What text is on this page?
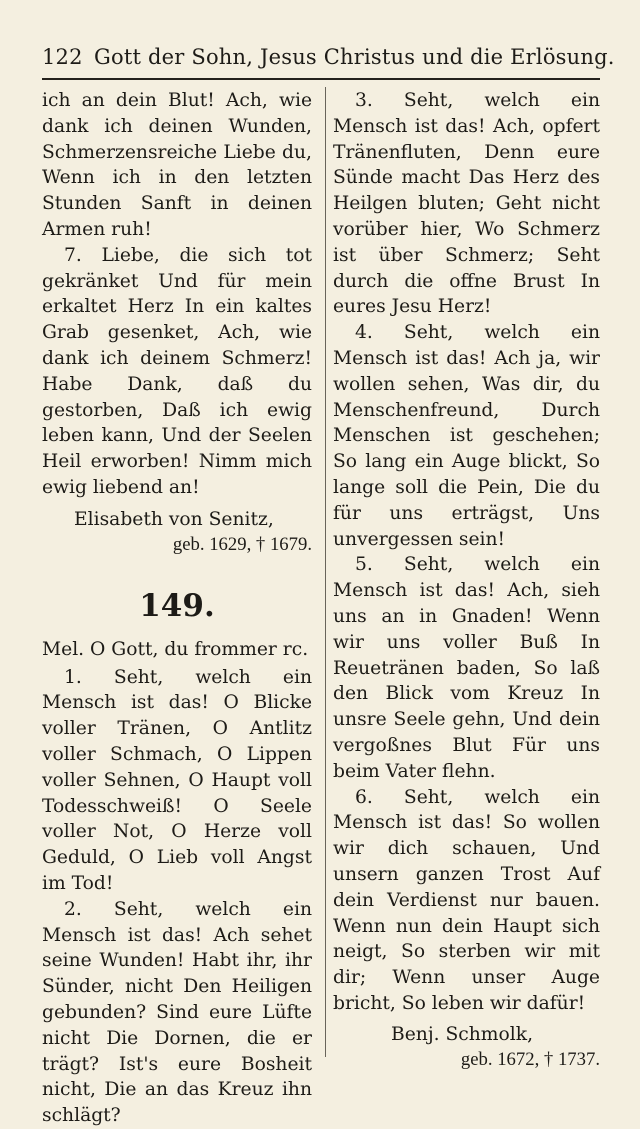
122 Gott der Sohn, Jesus Christus und die Erlösung.

ich an dein Blut! Ach, wie dank ich deinen Wunden, Schmerzensreiche Liebe du, Wenn ich in den letzten Stunden Sanft in deinen Armen ruh!

7. Liebe, die sich tot gekränket Und für mein erkaltet Herz In ein kaltes Grab gesenket, Ach, wie dank ich deinem Schmerz! Habe Dank, daß du gestorben, Daß ich ewig leben kann, Und der Seelen Heil erworben! Nimm mich ewig liebend an!

Elisabeth von Senitz,
geb. 1629, † 1679.
149.

Mel. O Gott, du frommer rc.

1. Seht, welch ein Mensch ist das! O Blicke voller Tränen, O Antlitz voller Schmach, O Lippen voller Sehnen, O Haupt voll Todesschweiß! O Seele voller Not, O Herze voll Geduld, O Lieb voll Angst im Tod!

2. Seht, welch ein Mensch ist das! Ach sehet seine Wunden! Habt ihr, ihr Sünder, nicht Den Heiligen gebunden? Sind eure Lüfte nicht Die Dornen, die er trägt? Ist's eure Bosheit nicht, Die an das Kreuz ihn schlägt?

3. Seht, welch ein Mensch ist das! Ach, opfert Tränenfluten, Denn eure Sünde macht Das Herz des Heilgen bluten; Geht nicht vorüber hier, Wo Schmerz ist über Schmerz; Seht durch die offne Brust In eures Jesu Herz!

4. Seht, welch ein Mensch ist das! Ach ja, wir wollen sehen, Was dir, du Menschenfreund, Durch Menschen ist geschehen; So lang ein Auge blickt, So lange soll die Pein, Die du für uns erträgst, Uns unvergessen sein!

5. Seht, welch ein Mensch ist das! Ach, sieh uns an in Gnaden! Wenn wir uns voller Buß In Reuetränen baden, So laß den Blick vom Kreuz In unsre Seele gehn, Und dein vergoßnes Blut Für uns beim Vater flehn.

6. Seht, welch ein Mensch ist das! So wollen wir dich schauen, Und unsern ganzen Trost Auf dein Verdienst nur bauen. Wenn nun dein Haupt sich neigt, So sterben wir mit dir; Wenn unser Auge bricht, So leben wir dafür!

Benj. Schmolk,
geb. 1672, † 1737.
